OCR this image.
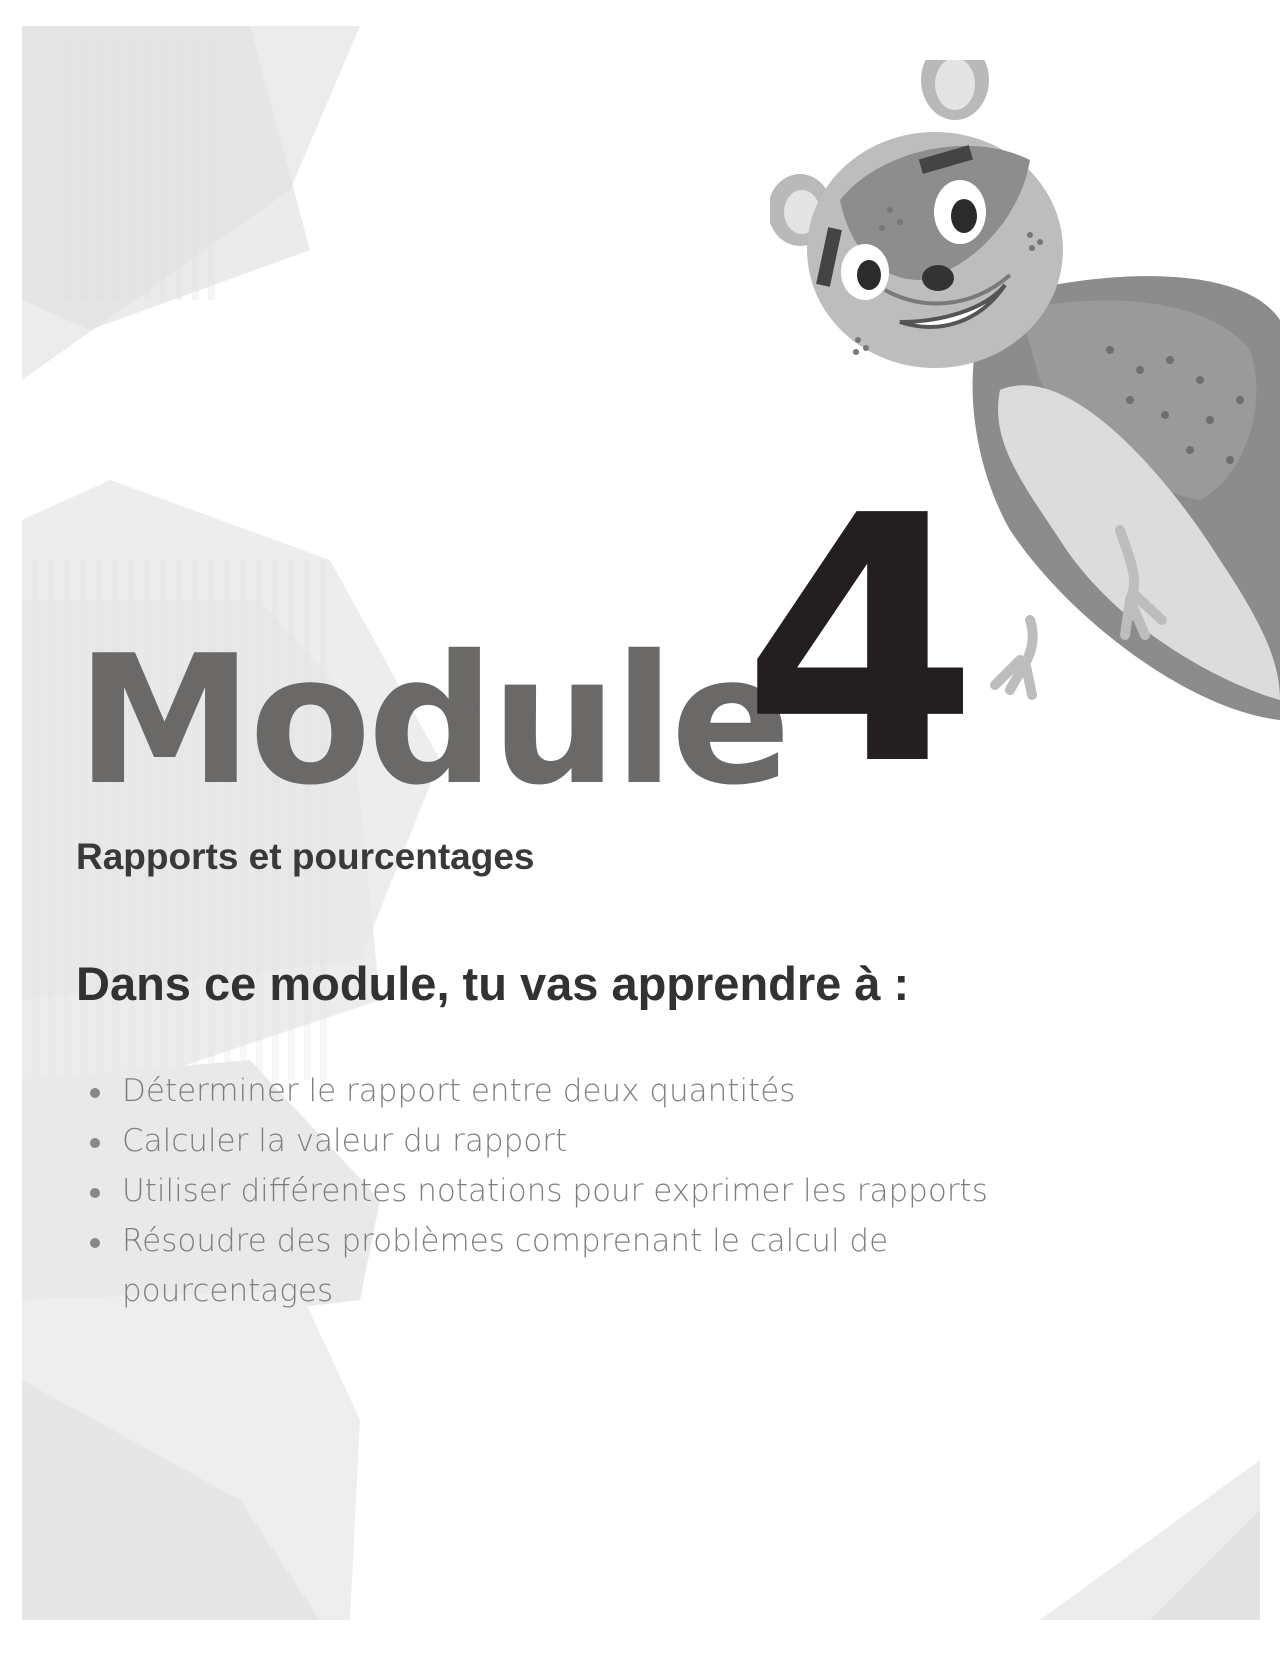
Module
4
Rapports et pourcentages
Dans ce module, tu vas apprendre à :
Déterminer le rapport entre deux quantités
Calculer la valeur du rapport
Utiliser différentes notations pour exprimer les rapports
Résoudre des problèmes comprenant le calcul de pourcentages
